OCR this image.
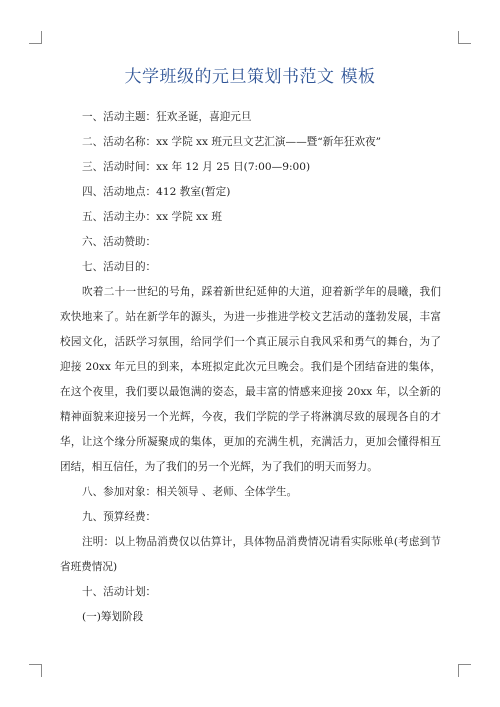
大学班级的元旦策划书范文 模板

一、活动主题：狂欢圣诞，喜迎元旦

二、活动名称：xx 学院 xx 班元旦文艺汇演——暨“新年狂欢夜”

三、活动时间：xx 年 12 月 25 日(7:00—9:00)

四、活动地点：412 教室(暂定)

五、活动主办：xx 学院 xx 班

六、活动赞助：

七、活动目的：

吹着二十一世纪的号角，踩着新世纪延伸的大道，迎着新学年的晨曦，我们欢快地来了。站在新学年的源头，为进一步推进学校文艺活动的蓬勃发展，丰富校园文化，活跃学习氛围，给同学们一个真正展示自我风采和勇气的舞台，为了迎接 20xx 年元旦的到来，本班拟定此次元旦晚会。我们是个团结奋进的集体，在这个夜里，我们要以最饱满的姿态，最丰富的情感来迎接 20xx 年，以全新的精神面貌来迎接另一个光辉，今夜，我们学院的学子将淋漓尽致的展现各自的才华，让这个缘分所凝聚成的集体，更加的充满生机，充满活力，更加会懂得相互团结，相互信任，为了我们的另一个光辉，为了我们的明天而努力。

八、参加对象：相关领导 、老师、全体学生。

九、预算经费：

注明：以上物品消费仅以估算计，具体物品消费情况请看实际账单(考虑到节省班费情况)

十、活动计划：

(一)筹划阶段
